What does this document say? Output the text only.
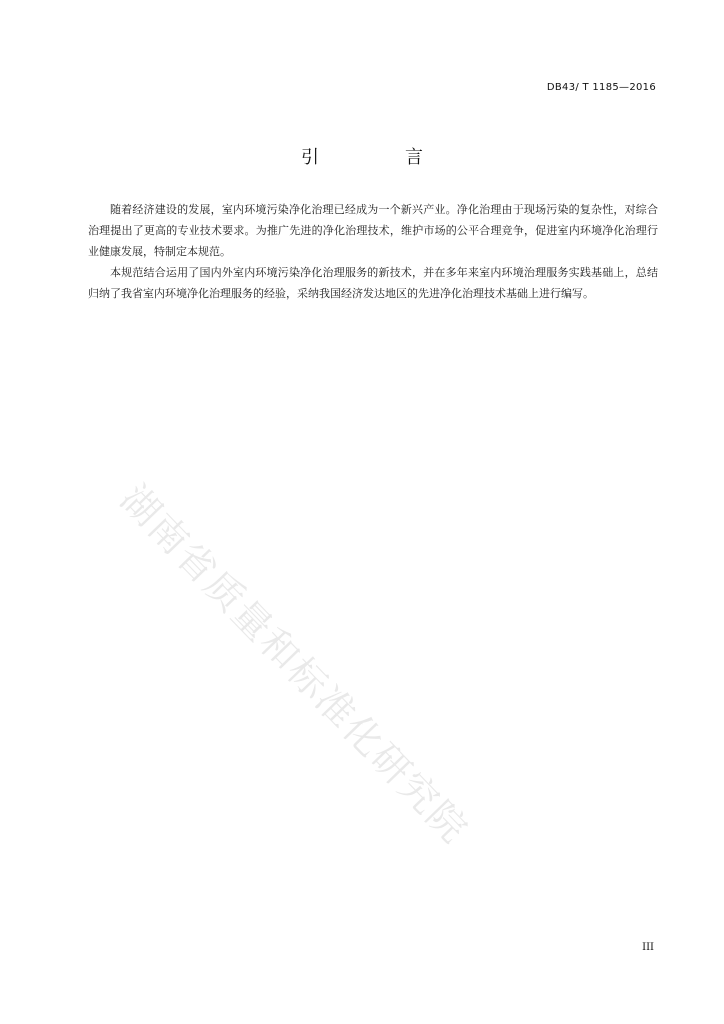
DB43/ T 1185—2016
引　言

随着经济建设的发展，室内环境污染净化治理已经成为一个新兴产业。净化治理由于现场污染的复杂性，对综合治理提出了更高的专业技术要求。为推广先进的净化治理技术，维护市场的公平合理竞争，促进室内环境净化治理行业健康发展，特制定本规范。

本规范结合运用了国内外室内环境污染净化治理服务的新技术，并在多年来室内环境治理服务实践基础上，总结归纳了我省室内环境净化治理服务的经验，采纳我国经济发达地区的先进净化治理技术基础上进行编写。

湖南省质量和标准化研究院
III
